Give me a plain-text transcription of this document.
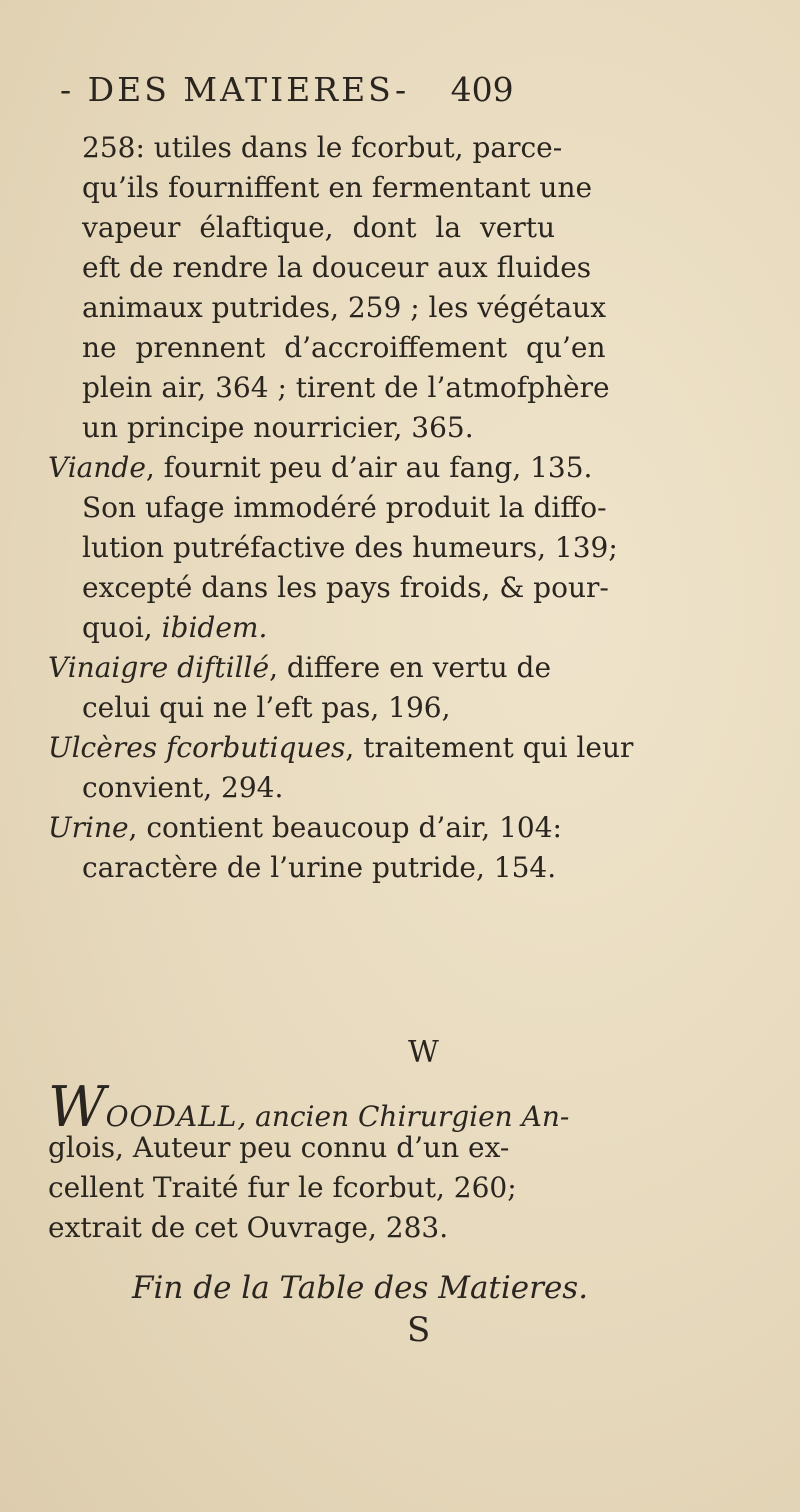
- DES MATIERES- 409
258: utiles dans le fcorbut, parce-
qu’ils fourniffent en fermentant une
vapeur élaftique, dont la vertu
eft de rendre la douceur aux fluides
animaux putrides, 259 ; les végétaux
ne prennent d’accroiffement qu’en
plein air, 364 ; tirent de l’atmofphère
un principe nourricier, 365.
Viande, fournit peu d’air au fang, 135.
Son ufage immodéré produit la diffo-
lution putréfactive des humeurs, 139;
excepté dans les pays froids, & pour-
quoi, ibidem.
Vinaigre diftillé, differe en vertu de
celui qui ne l’eft pas, 196,
Ulcères fcorbutiques, traitement qui leur
convient, 294.
Urine, contient beaucoup d’air, 104:
caractère de l’urine putride, 154.
W
WOODALL, ancien Chirurgien An-
glois, Auteur peu connu d’un ex-
cellent Traité fur le fcorbut, 260;
extrait de cet Ouvrage, 283.
Fin de la Table des Matieres.
S
